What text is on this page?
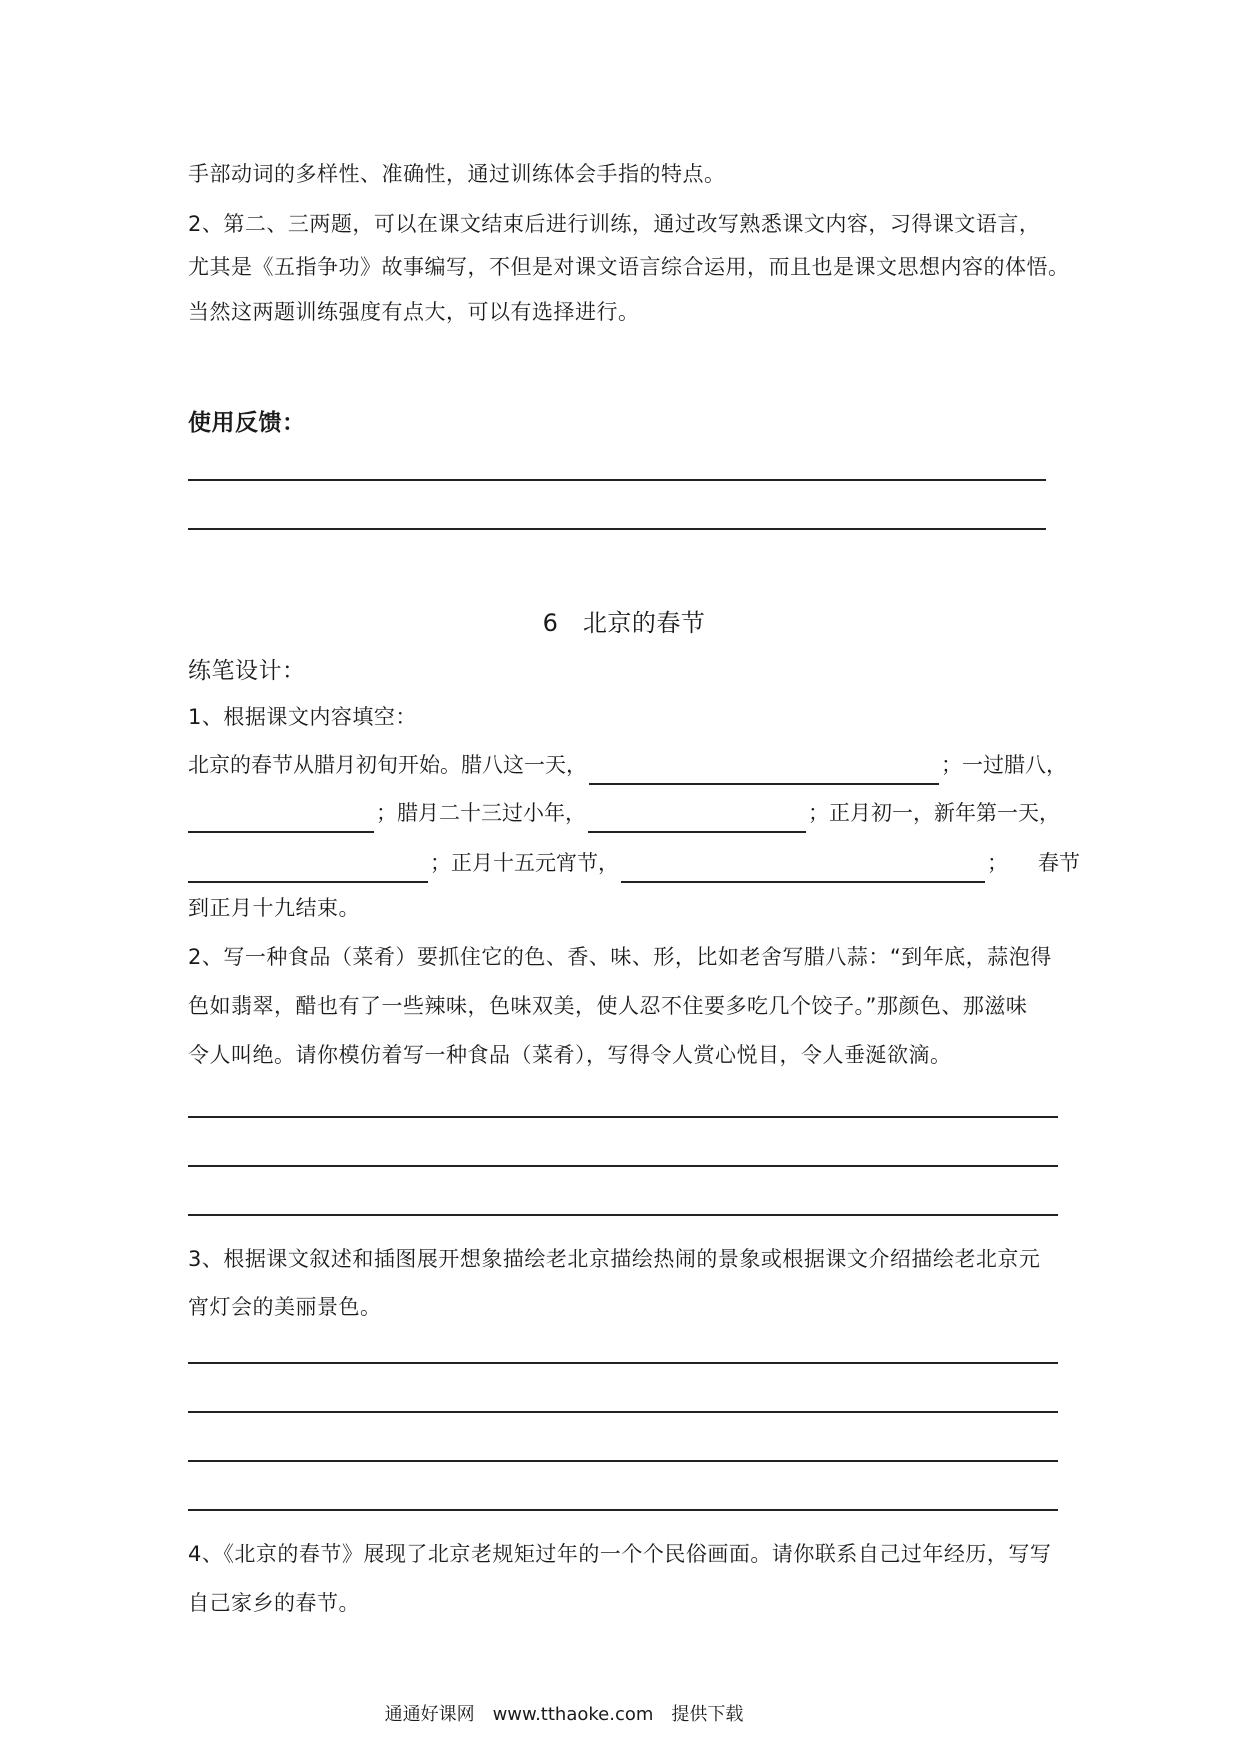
手部动词的多样性、准确性，通过训练体会手指的特点。
2、第二、三两题，可以在课文结束后进行训练，通过改写熟悉课文内容，习得课文语言，
尤其是《五指争功》故事编写，不但是对课文语言综合运用，而且也是课文思想内容的体悟。
当然这两题训练强度有点大，可以有选择进行。
使用反馈：
6　北京的春节
练笔设计：
1、根据课文内容填空：
北京的春节从腊月初旬开始。腊八这一天，	；一过腊八，
；腊月二十三过小年，	；正月初一，新年第一天，
；正月十五元宵节，	； 春节
到正月十九结束。
2、写一种食品（菜肴）要抓住它的色、香、味、形，比如老舍写腊八蒜：“到年底，蒜泡得
色如翡翠，醋也有了一些辣味，色味双美，使人忍不住要多吃几个饺子。”那颜色、那滋味
令人叫绝。请你模仿着写一种食品（菜肴），写得令人赏心悦目，令人垂涎欲滴。
3、根据课文叙述和插图展开想象描绘老北京描绘热闹的景象或根据课文介绍描绘老北京元
宵灯会的美丽景色。
4、《北京的春节》展现了北京老规矩过年的一个个民俗画面。请你联系自己过年经历，写写
自己家乡的春节。
通通好课网　www.tthaoke.com　提供下载
